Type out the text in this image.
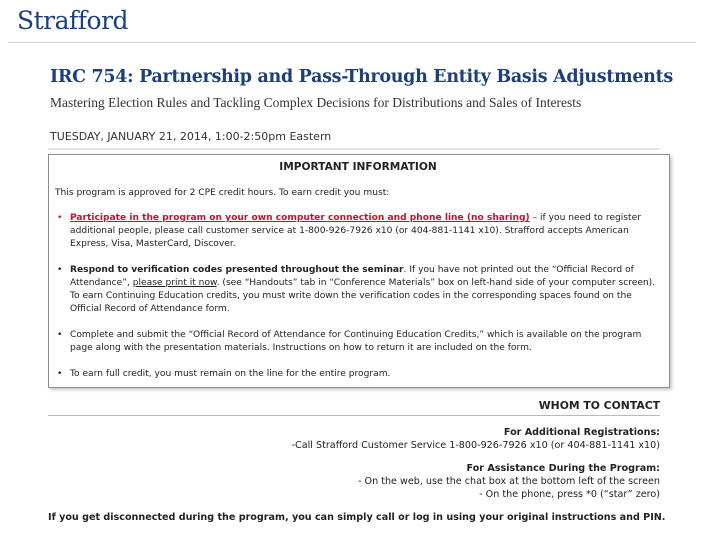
Strafford
IRC 754: Partnership and Pass-Through Entity Basis Adjustments

Mastering Election Rules and Tackling Complex Decisions for Distributions and Sales of Interests

TUESDAY, JANUARY 21, 2014, 1:00-2:50pm Eastern
IMPORTANT INFORMATION

This program is approved for 2 CPE credit hours. To earn credit you must:

• Participate in the program on your own computer connection and phone line (no sharing) – if you need to register additional people, please call customer service at 1-800-926-7926 x10 (or 404-881-1141 x10). Strafford accepts American Express, Visa, MasterCard, Discover.
• Respond to verification codes presented throughout the seminar. If you have not printed out the “Official Record of Attendance”, please print it now. (see “Handouts” tab in “Conference Materials” box on left-hand side of your computer screen). To earn Continuing Education credits, you must write down the verification codes in the corresponding spaces found on the Official Record of Attendance form.
• Complete and submit the “Official Record of Attendance for Continuing Education Credits,” which is available on the program page along with the presentation materials. Instructions on how to return it are included on the form.
• To earn full credit, you must remain on the line for the entire program.
WHOM TO CONTACT
For Additional Registrations:
-Call Strafford Customer Service 1-800-926-7926 x10 (or 404-881-1141 x10)
For Assistance During the Program:
- On the web, use the chat box at the bottom left of the screen
- On the phone, press *0 (“star” zero)
If you get disconnected during the program, you can simply call or log in using your original instructions and PIN.
